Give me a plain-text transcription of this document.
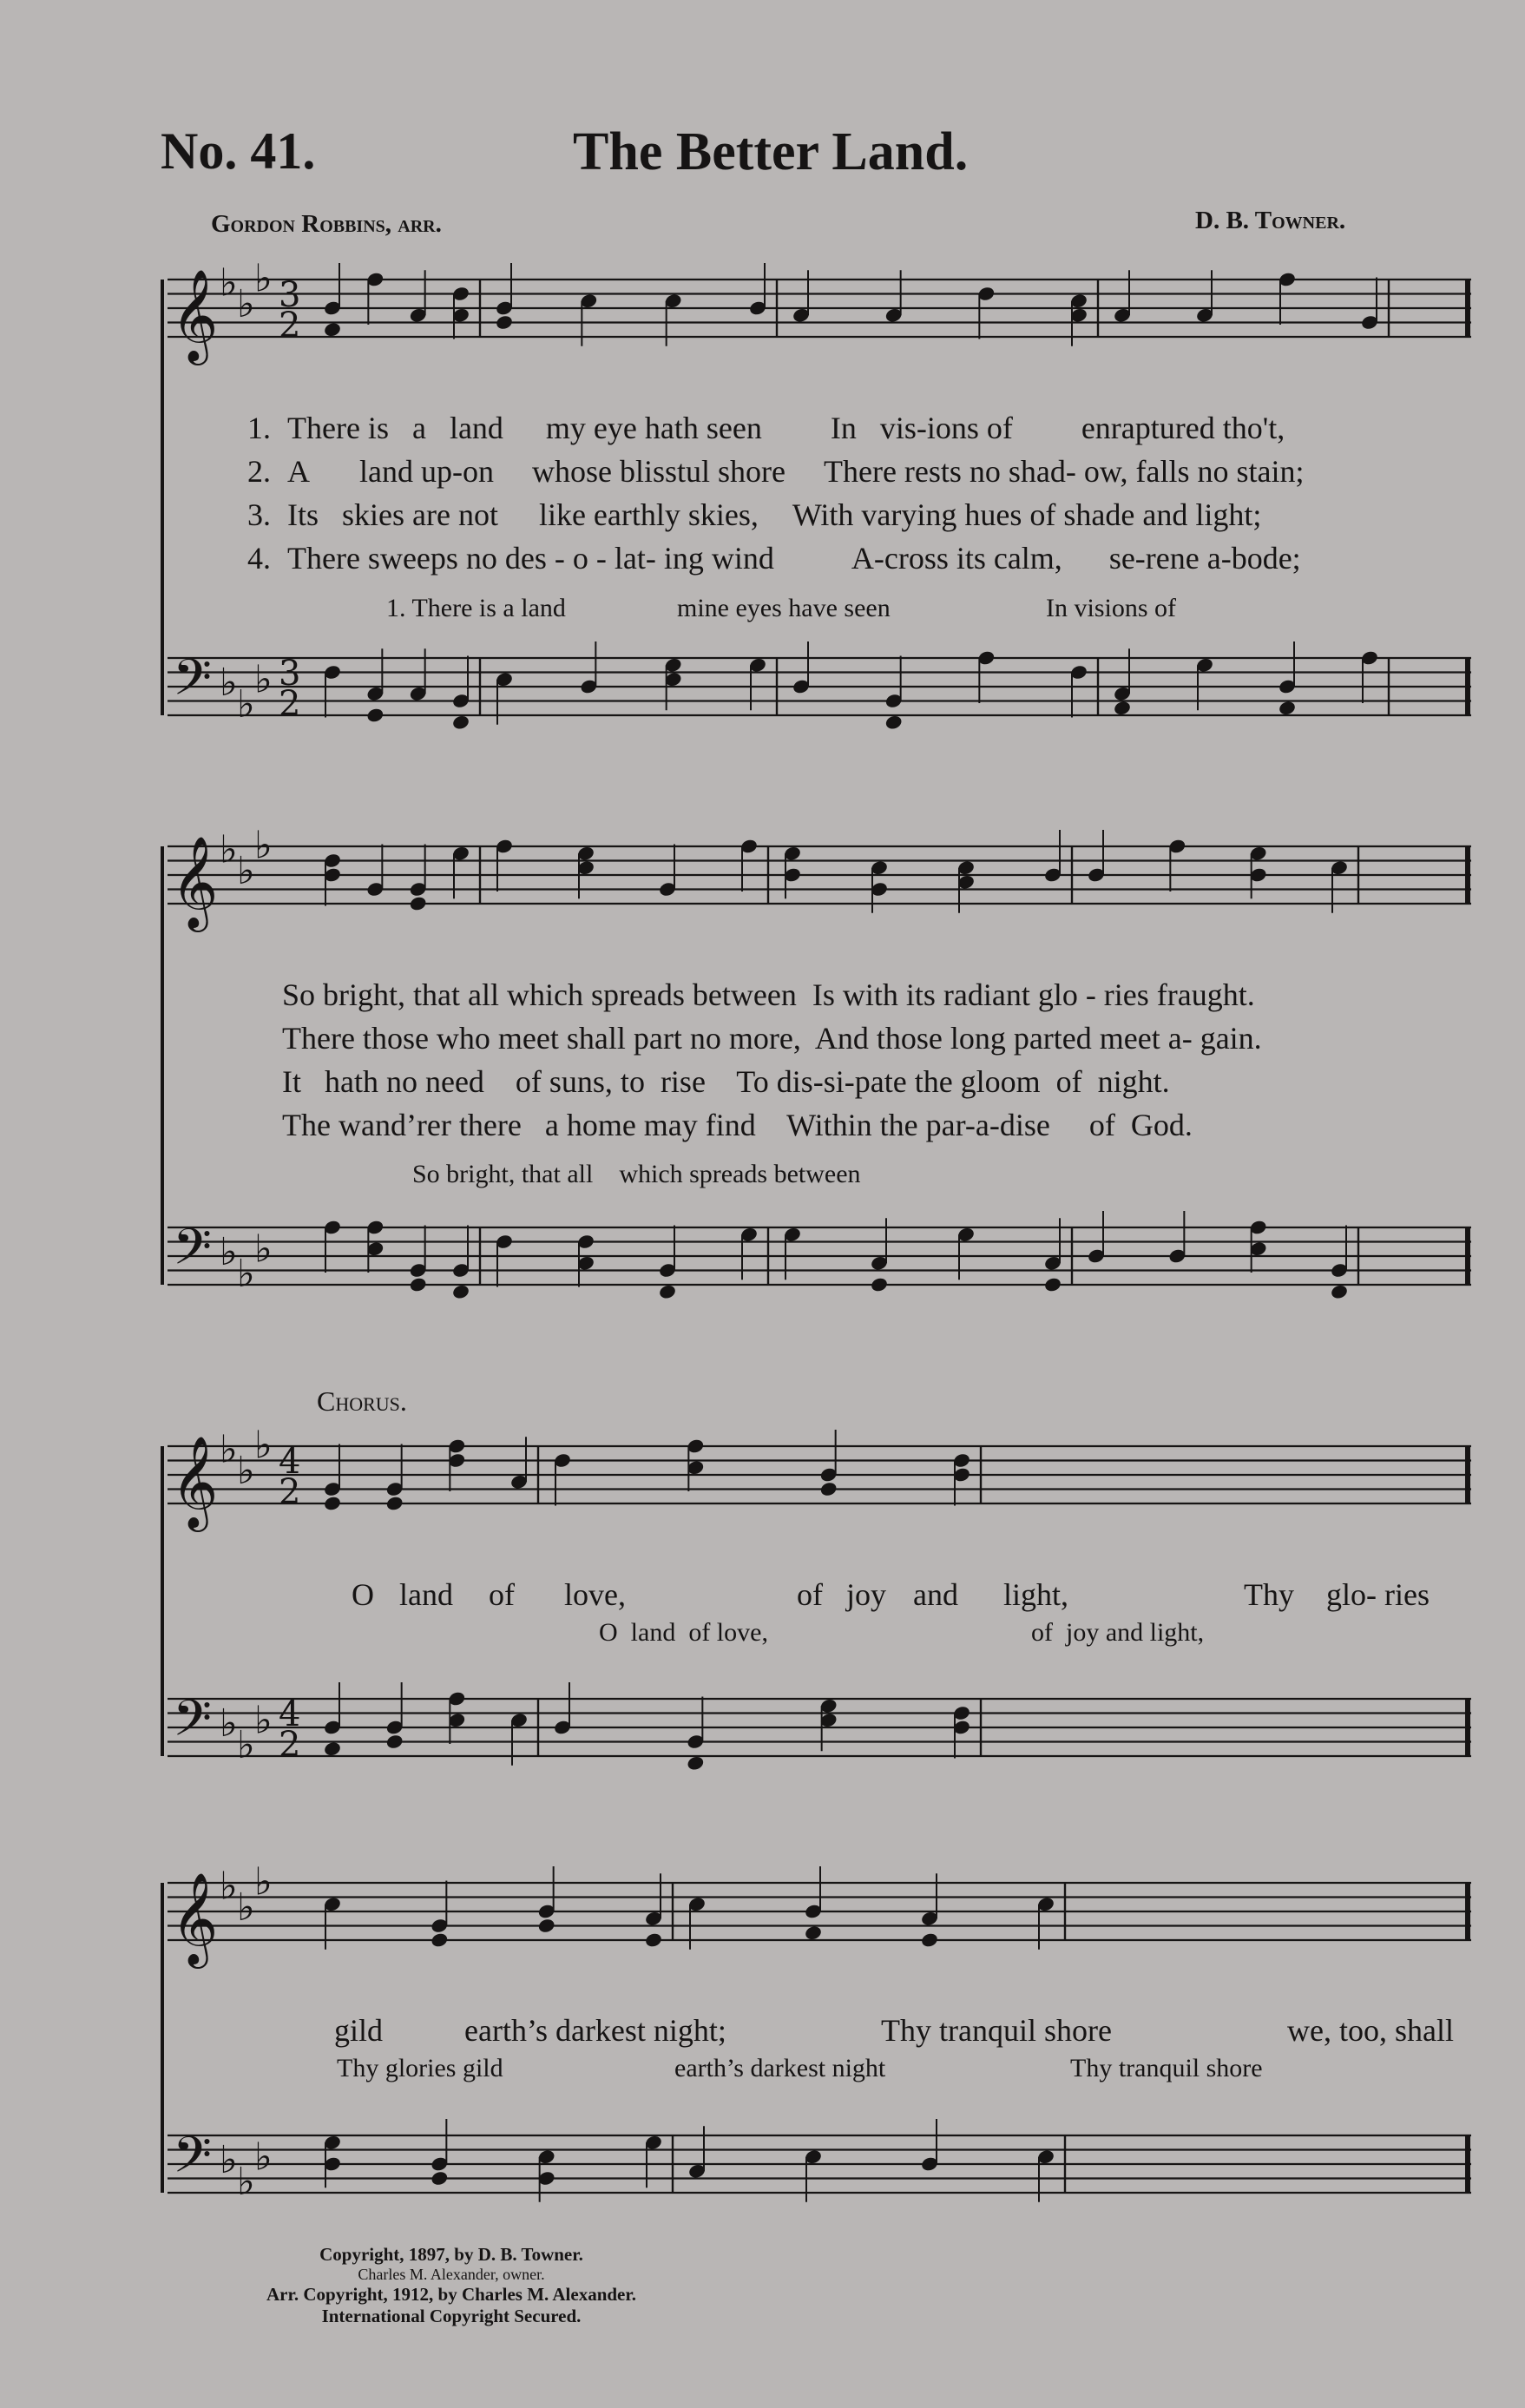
No. 41.	The Better Land.
Gordon Robbins, arr.	D. B. Towner.
𝄞 ♭ ♭
♭ 3
2
𝄢 ♭ ♭
♭ 3
2
𝄞 ♭ ♭
♭
𝄢 ♭ ♭
♭
𝄞 ♭ ♭
♭ 4
2
𝄢 ♭ ♭
♭ 4
2
𝄞 ♭ ♭
♭
𝄢 ♭ ♭
♭
1. There is a land my eye hath seen In vis-ions of enraptured tho't,
2. A land up-on whose blisstul shore There rests no shad- ow, falls no stain;
3. Its skies are not like earthly skies, With varying hues of shade and light;
4. There sweeps no des - o - lat- ing wind A-cross its calm, se-rene a-bode;
1. There is a land	mine eyes have seen	In visions of
So bright, that all which spreads between  Is with its radiant glo - ries fraught.
There those who meet shall part no more,  And those long parted meet a- gain.
It   hath no need    of suns, to  rise    To dis-si-pate the gloom  of  night.
The wand’rer there   a home may find    Within the par-a-dise     of  God.
So bright, that all    which spreads between
Chorus.
O land of love,	of joy and light,	Thy glo- ries
O  land  of love,	of  joy and light,
gild	earth’s darkest night;	Thy tranquil shore	we, too, shall
Thy glories gild	earth’s darkest night	Thy tranquil shore
Copyright, 1897, by D. B. Towner.
Charles M. Alexander, owner.
Arr. Copyright, 1912, by Charles M. Alexander.
International Copyright Secured.
